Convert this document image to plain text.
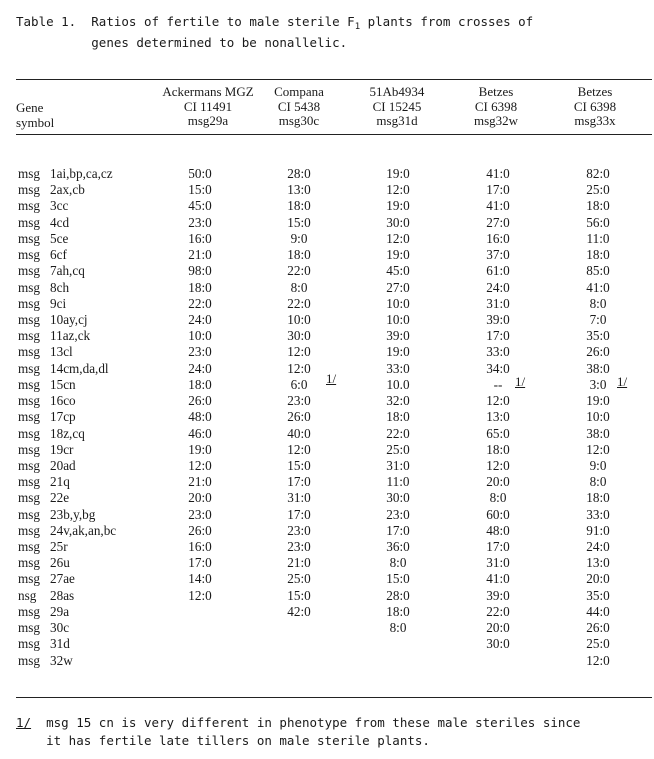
Table 1. Ratios of fertile to male sterile $F_1$ plants from crosses of
genes determined to be nonallelic.
Gene
symbol
Ackermans MGZ
CI 11491
msg29a
Compana
CI 5438
msg30c
51Ab4934
CI 15245
msg31d
Betzes
CI 6398
msg32w
Betzes
CI 6398
msg33x
msg 1ai,bp,ca,cz
msg 2ax,cb
msg 3cc
msg 4cd
msg 5ce
msg 6cf
msg 7ah,cq
msg 8ch
msg 9ci
msg 10ay,cj
msg 11az,ck
msg 13cl
msg 14cm,da,dl
msg 15cn
msg 16co
msg 17cp
msg 18z,cq
msg 19cr
msg 20ad
msg 21q
msg 22e
msg 23b,y,bg
msg 24v,ak,an,bc
msg 25r
msg 26u
msg 27ae
nsg 28as
msg 29a
msg 30c
msg 31d
msg 32w
50:0
15:0
45:0
23:0
16:0
21:0
98:0
18:0
22:0
24:0
10:0
23:0
24:0
18:0
26:0
48:0
46:0
19:0
12:0
21:0
20:0
23:0
26:0
16:0
17:0
14:0
12:0
28:0
13:0
18:0
15:0
9:0
18:0
22:0
8:0
22:0
10:0
30:0
12:0
12:0
6:0
23:0
26:0
40:0
12:0
15:0
17:0
31:0
17:0
23:0
23:0
21:0
25:0
15:0
42:0
19:0
12:0
19:0
30:0
12:0
19:0
45:0
27:0
10:0
10:0
39:0
19:0
33:0
10.0
32:0
18:0
22:0
25:0
31:0
11:0
30:0
23:0
17:0
36:0
8:0
15:0
28:0
18:0
8:0
41:0
17:0
41:0
27:0
16:0
37:0
61:0
24:0
31:0
39:0
17:0
33:0
34:0
--
12:0
13:0
65:0
18:0
12:0
20:0
8:0
60:0
48:0
17:0
31:0
41:0
39:0
22:0
20:0
30:0
82:0
25:0
18:0
56:0
11:0
18:0
85:0
41:0
8:0
7:0
35:0
26:0
38:0
3:0
19:0
10:0
38:0
12:0
9:0
8:0
18:0
33:0
91:0
24:0
13:0
20:0
35:0
44:0
26:0
25:0
12:0
1/	1/	1/
1/ msg 15 cn is very different in phenotype from these male steriles since
it has fertile late tillers on male sterile plants.
